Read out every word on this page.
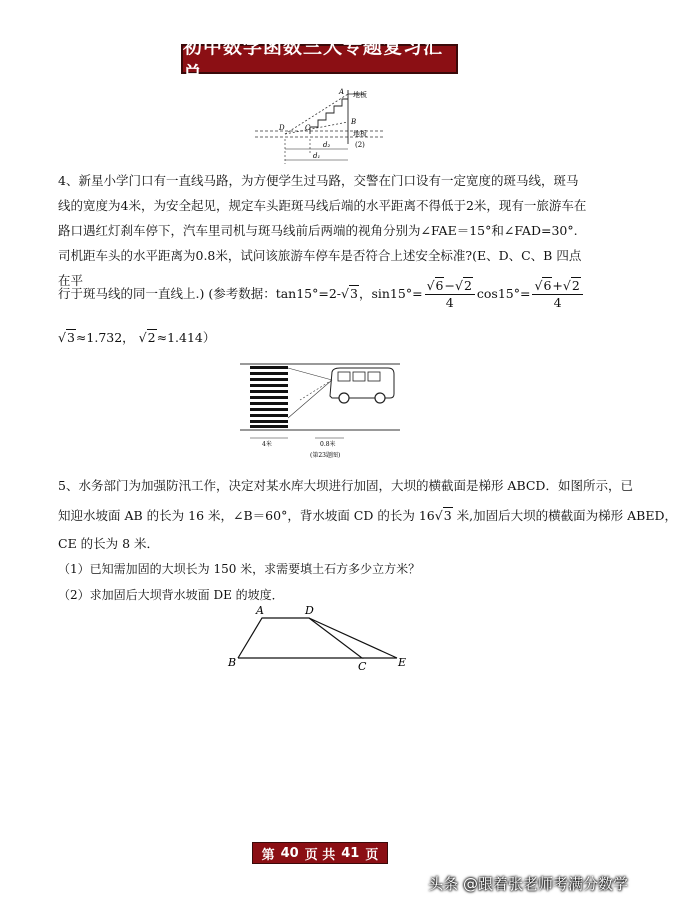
初中数学函数三大专题复习汇总
A
B
C
D
地板
地板
d₂
d₁
(2)
4、新星小学门口有一直线马路，为方便学生过马路，交警在门口设有一定宽度的斑马线，斑马线的宽度为4米，为安全起见，规定车头距斑马线后端的水平距离不得低于2米，现有一旅游车在路口遇红灯刹车停下，汽车里司机与斑马线前后两端的视角分别为∠FAE＝15°和∠FAD=30°.司机距车头的水平距离为0.8米，试问该旅游车停车是否符合上述安全标准?(E、D、C、B 四点在平
行于斑马线的同一直线上.) (参考数据：tan15°=2-√3，$\sin 15^\circ= \frac{√6-√2}{4} \cos 15^\circ= \frac{√6+√2}{4}$
√3≈1.732， √2≈1.414）
4米	0.8米
(第23题图)
5、水务部门为加强防汛工作，决定对某水库大坝进行加固，大坝的横截面是梯形 ABCD．如图所示，已
知迎水坡面 AB 的长为 16 米，∠B＝60°，背水坡面 CD 的长为 16√3 米,加固后大坝的横截面为梯形 ABED，
CE 的长为 8 米．
（1）已知需加固的大坝长为 150 米，求需要填土石方多少立方米？
（2）求加固后大坝背水坡面 DE 的坡度．
A	D
B	C	E
第 40 页 共 41 页
头条 @跟着张老师考满分数学
